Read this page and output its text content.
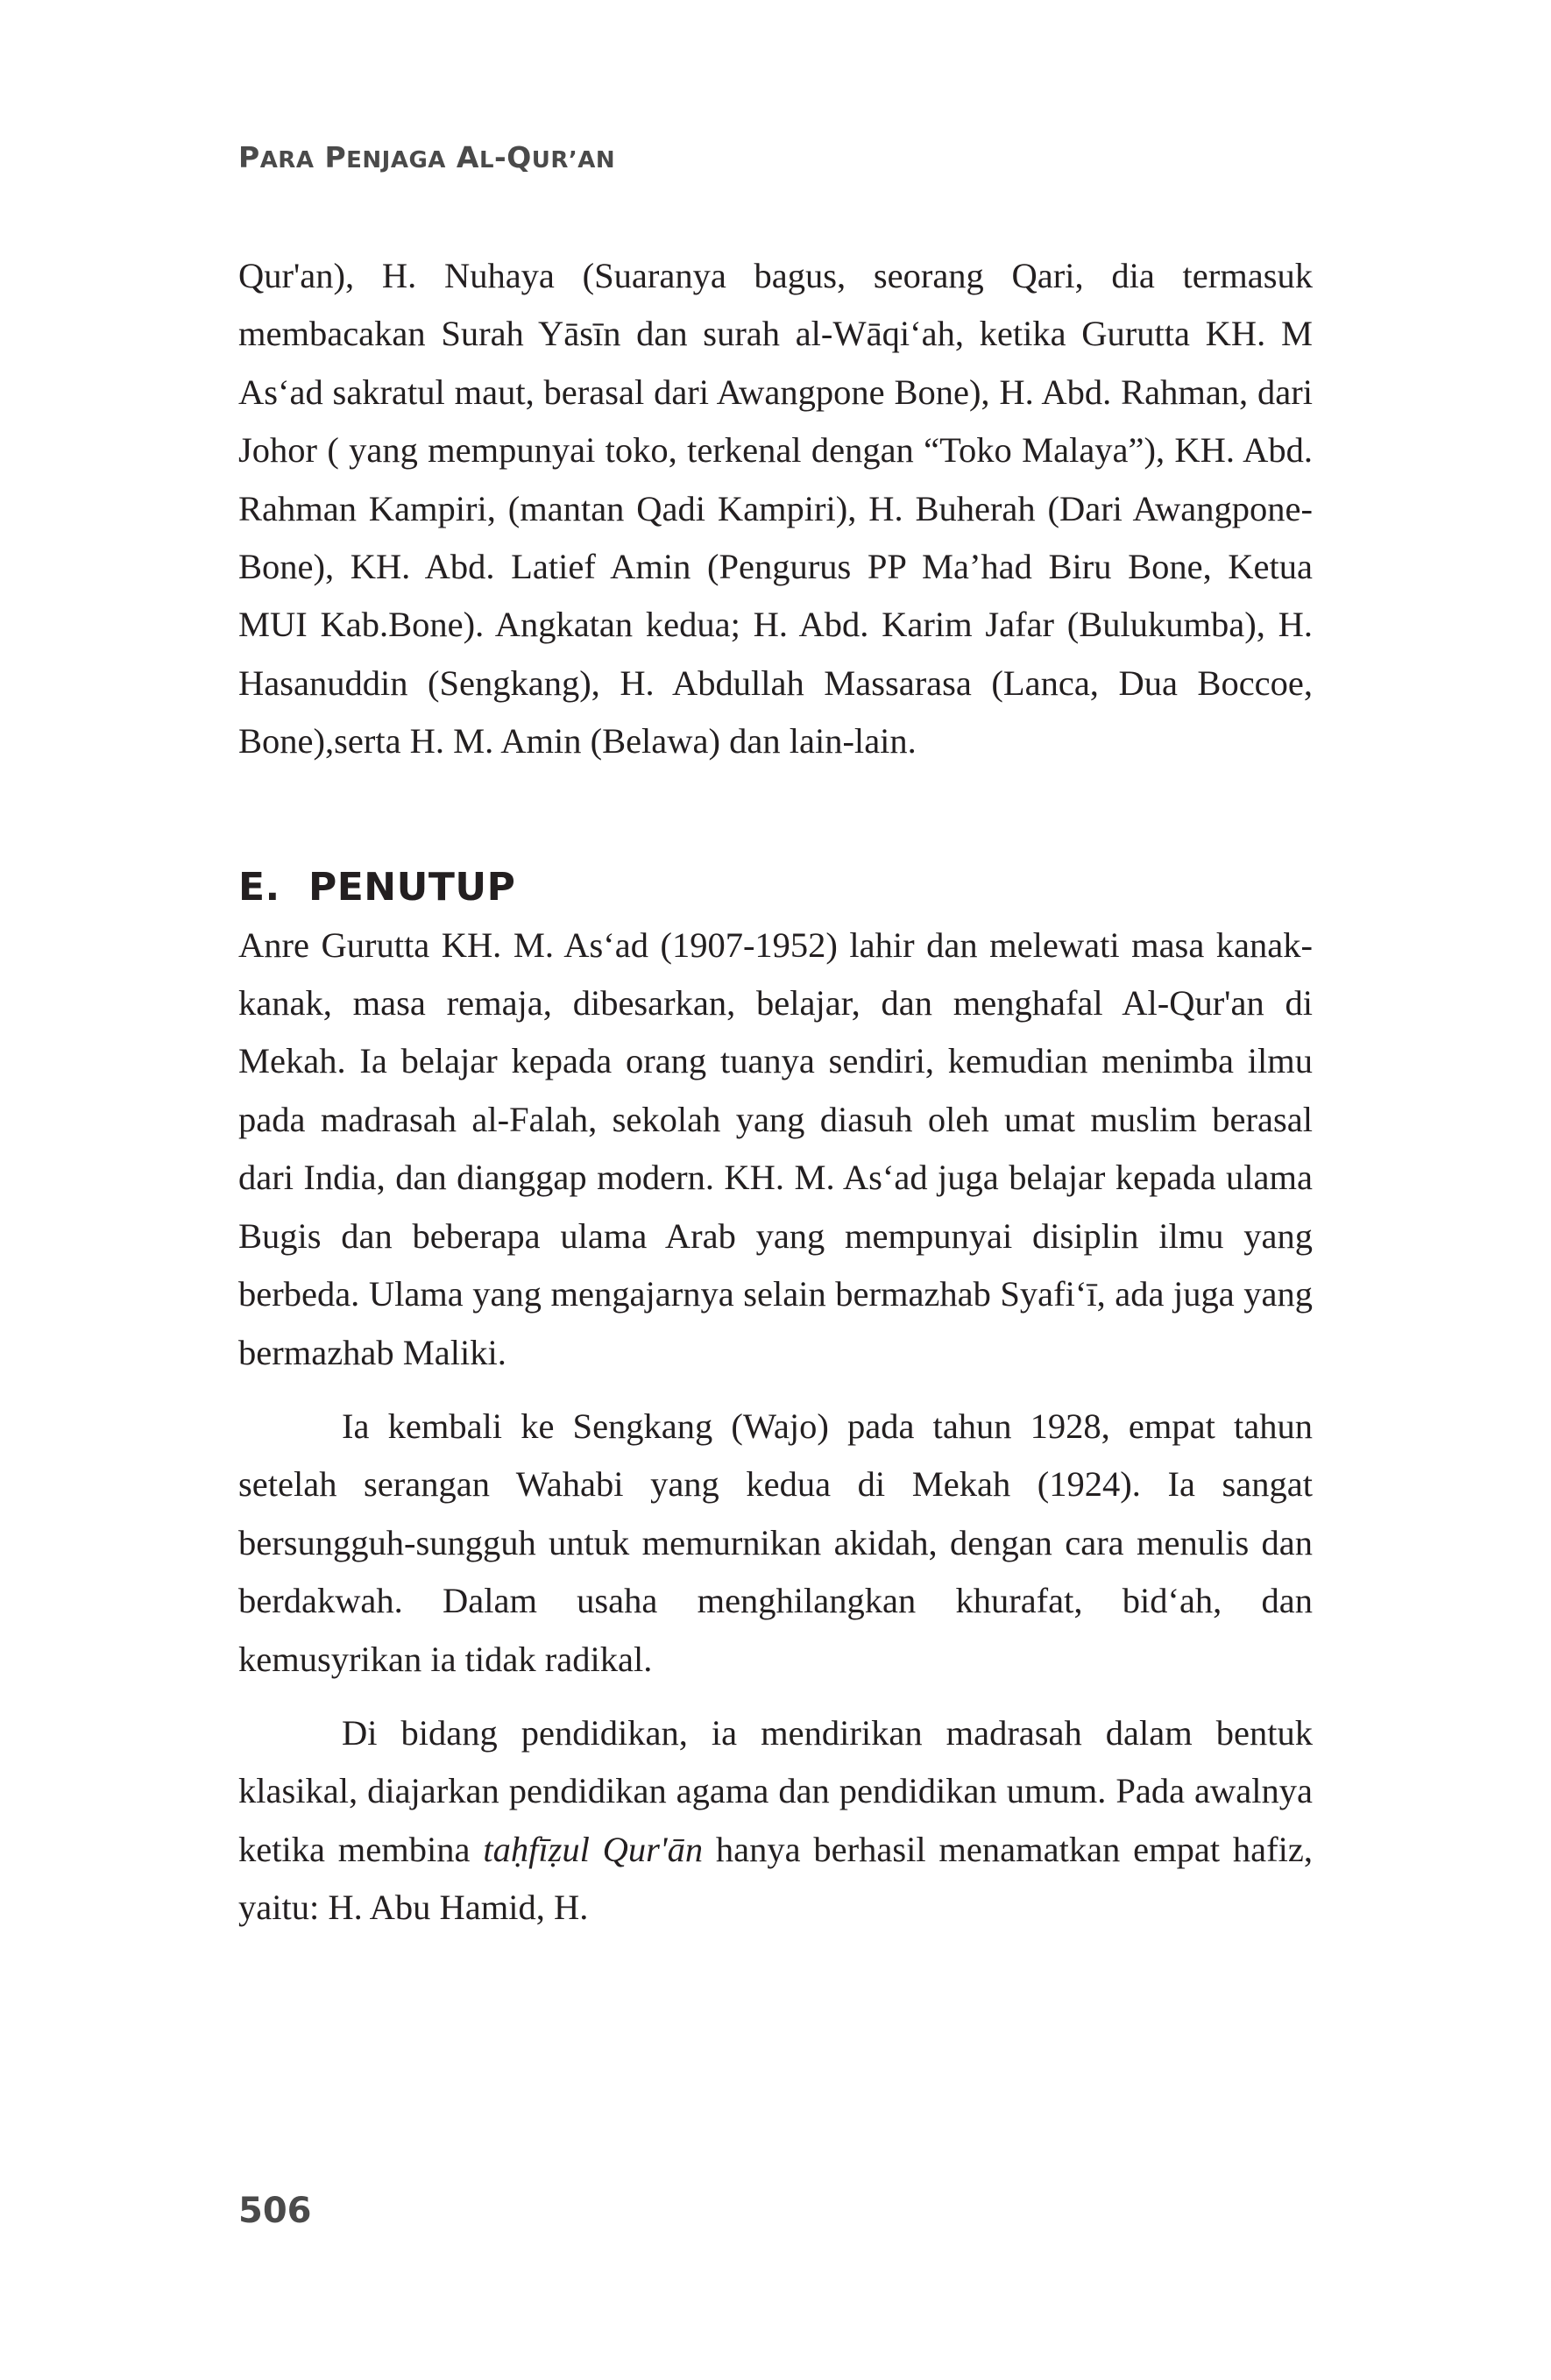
PARA PENJAGA AL-QUR’AN

Qur'an), H. Nuhaya (Suaranya bagus, seorang Qari, dia termasuk membacakan Surah Yāsīn dan surah al-Wāqi‘ah, ketika Gurutta KH. M As‘ad sakratul maut, berasal dari Awangpone Bone), H. Abd. Rahman, dari Johor ( yang mempunyai toko, terkenal dengan “Toko Malaya”), KH. Abd. Rahman Kampiri, (mantan Qadi Kampiri), H. Buherah (Dari Awangpone-Bone), KH. Abd. Latief Amin (Pengurus PP Ma’had Biru Bone, Ketua MUI Kab.Bone). Angkatan kedua; H. Abd. Karim Jafar (Bulukumba), H. Hasanuddin (Sengkang), H. Abdullah Massarasa (Lanca, Dua Boccoe, Bone),serta H. M. Amin (Belawa) dan lain-lain.

E. PENUTUP

Anre Gurutta KH. M. As‘ad (1907-1952) lahir dan melewati masa kanak-kanak, masa remaja, dibesarkan, belajar, dan menghafal Al-Qur'an di Mekah. Ia belajar kepada orang tuanya sendiri, kemudian menimba ilmu pada madrasah al-Falah, sekolah yang diasuh oleh umat muslim berasal dari India, dan dianggap modern. KH. M. As‘ad juga belajar kepada ulama Bugis dan beberapa ulama Arab yang mempunyai disiplin ilmu yang berbeda. Ulama yang mengajarnya selain bermazhab Syafi‘ī, ada juga yang bermazhab Maliki.

Ia kembali ke Sengkang (Wajo) pada tahun 1928, empat tahun setelah serangan Wahabi yang kedua di Mekah (1924). Ia sangat bersungguh-sungguh untuk memurnikan akidah, dengan cara menulis dan berdakwah. Dalam usaha menghilangkan khurafat, bid‘ah, dan kemusyrikan ia tidak radikal.

Di bidang pendidikan, ia mendirikan madrasah dalam bentuk klasikal, diajarkan pendidikan agama dan pendidikan umum. Pada awalnya ketika membina taḥfīẓul Qur'ān hanya berhasil menamatkan empat hafiz, yaitu: H. Abu Hamid, H.

506
